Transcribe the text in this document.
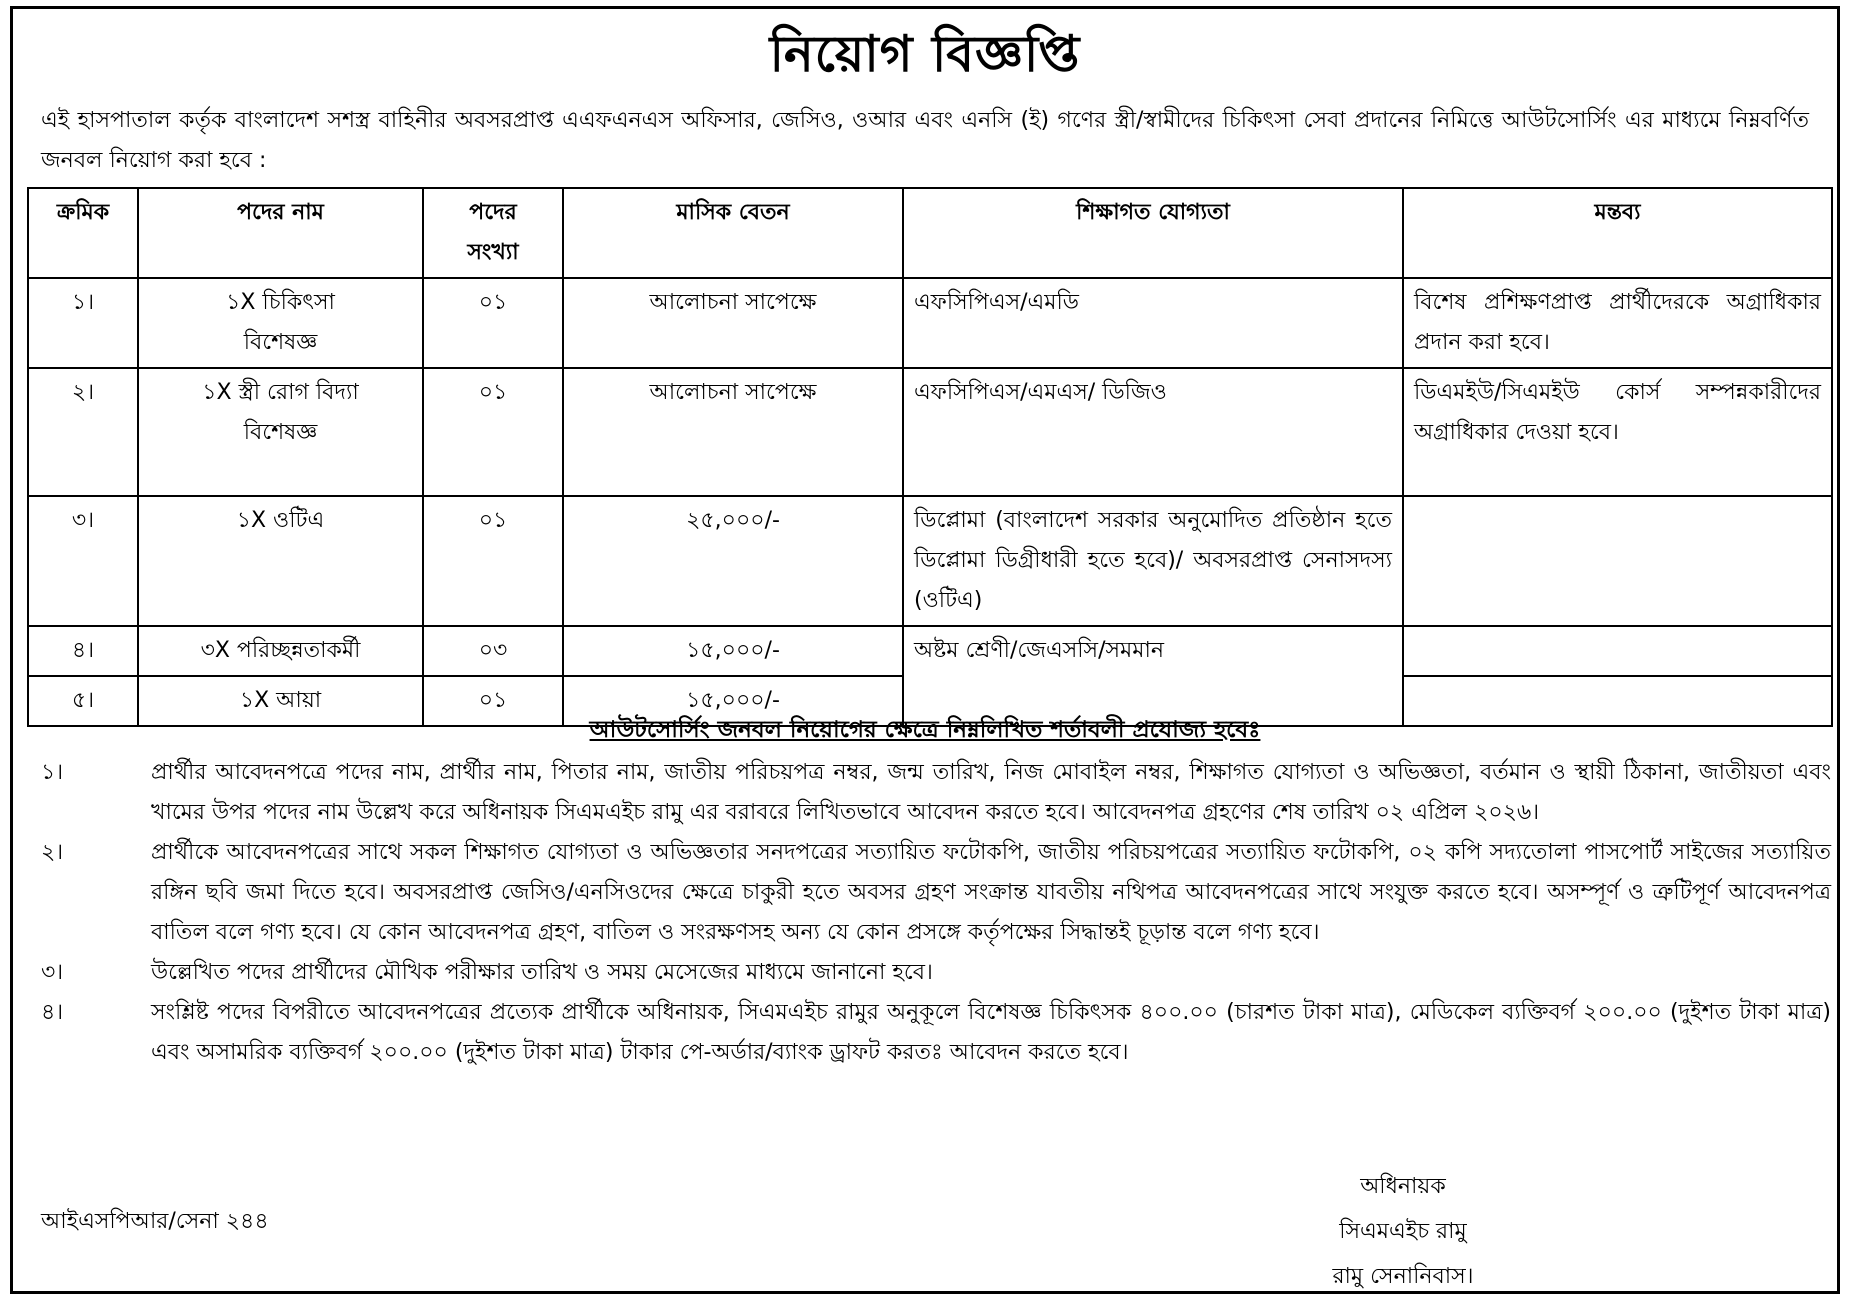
নিয়োগ বিজ্ঞপ্তি
এই হাসপাতাল কর্তৃক বাংলাদেশ সশস্ত্র বাহিনীর অবসরপ্রাপ্ত এএফএনএস অফিসার, জেসিও, ওআর এবং এনসি (ই) গণের স্ত্রী/স্বামীদের চিকিৎসা সেবা প্রদানের নিমিত্তে আউটসোর্সিং এর মাধ্যমে নিম্নবর্ণিত জনবল নিয়োগ করা হবে :
ক্রমিক	পদের নাম	পদের সংখ্যা	মাসিক বেতন	শিক্ষাগত যোগ্যতা	মন্তব্য
১।	১X চিকিৎসা বিশেষজ্ঞ	০১	আলোচনা সাপেক্ষে	এফসিপিএস/এমডি	বিশেষ প্রশিক্ষণপ্রাপ্ত প্রার্থীদেরকে অগ্রাধিকার প্রদান করা হবে।
২।	১X স্ত্রী রোগ বিদ্যা বিশেষজ্ঞ	০১	আলোচনা সাপেক্ষে	এফসিপিএস/এমএস/ ডিজিও	ডিএমইউ/সিএমইউ কোর্স সম্পন্নকারীদের অগ্রাধিকার দেওয়া হবে।
৩।	১X ওটিএ	০১	২৫,০০০/-	ডিপ্লোমা (বাংলাদেশ সরকার অনুমোদিত প্রতিষ্ঠান হতে ডিপ্লোমা ডিগ্রীধারী হতে হবে)/ অবসরপ্রাপ্ত সেনাসদস্য (ওটিএ)	
৪।	৩X পরিচ্ছন্নতাকর্মী	০৩	১৫,০০০/-	অষ্টম শ্রেণী/জেএসসি/সমমান	
৫।	১X আয়া	০১	১৫,০০০/-		
আউটসোর্সিং জনবল নিয়োগের ক্ষেত্রে নিম্নলিখিত শর্তাবলী প্রযোজ্য হবেঃ
১।	প্রার্থীর আবেদনপত্রে পদের নাম, প্রার্থীর নাম, পিতার নাম, জাতীয় পরিচয়পত্র নম্বর, জন্ম তারিখ, নিজ মোবাইল নম্বর, শিক্ষাগত যোগ্যতা ও অভিজ্ঞতা, বর্তমান ও স্থায়ী ঠিকানা, জাতীয়তা এবং খামের উপর পদের নাম উল্লেখ করে অধিনায়ক সিএমএইচ রামু এর বরাবরে লিখিতভাবে আবেদন করতে হবে। আবেদনপত্র গ্রহণের শেষ তারিখ ০২ এপ্রিল ২০২৬।
২।	প্রার্থীকে আবেদনপত্রের সাথে সকল শিক্ষাগত যোগ্যতা ও অভিজ্ঞতার সনদপত্রের সত্যায়িত ফটোকপি, জাতীয় পরিচয়পত্রের সত্যায়িত ফটোকপি, ০২ কপি সদ্যতোলা পাসপোর্ট সাইজের সত্যায়িত রঙ্গিন ছবি জমা দিতে হবে। অবসরপ্রাপ্ত জেসিও/এনসিওদের ক্ষেত্রে চাকুরী হতে অবসর গ্রহণ সংক্রান্ত যাবতীয় নথিপত্র আবেদনপত্রের সাথে সংযুক্ত করতে হবে। অসম্পূর্ণ ও ত্রুটিপূর্ণ আবেদনপত্র বাতিল বলে গণ্য হবে। যে কোন আবেদনপত্র গ্রহণ, বাতিল ও সংরক্ষণসহ অন্য যে কোন প্রসঙ্গে কর্তৃপক্ষের সিদ্ধান্তই চূড়ান্ত বলে গণ্য হবে।
৩।	উল্লেখিত পদের প্রার্থীদের মৌখিক পরীক্ষার তারিখ ও সময় মেসেজের মাধ্যমে জানানো হবে।
৪।	সংশ্লিষ্ট পদের বিপরীতে আবেদনপত্রের প্রত্যেক প্রার্থীকে অধিনায়ক, সিএমএইচ রামুর অনুকূলে বিশেষজ্ঞ চিকিৎসক ৪০০.০০ (চারশত টাকা মাত্র), মেডিকেল ব্যক্তিবর্গ ২০০.০০ (দুইশত টাকা মাত্র) এবং অসামরিক ব্যক্তিবর্গ ২০০.০০ (দুইশত টাকা মাত্র) টাকার পে-অর্ডার/ব্যাংক ড্রাফট করতঃ আবেদন করতে হবে।
আইএসপিআর/সেনা ২৪৪
অধিনায়ক
সিএমএইচ রামু
রামু সেনানিবাস।
